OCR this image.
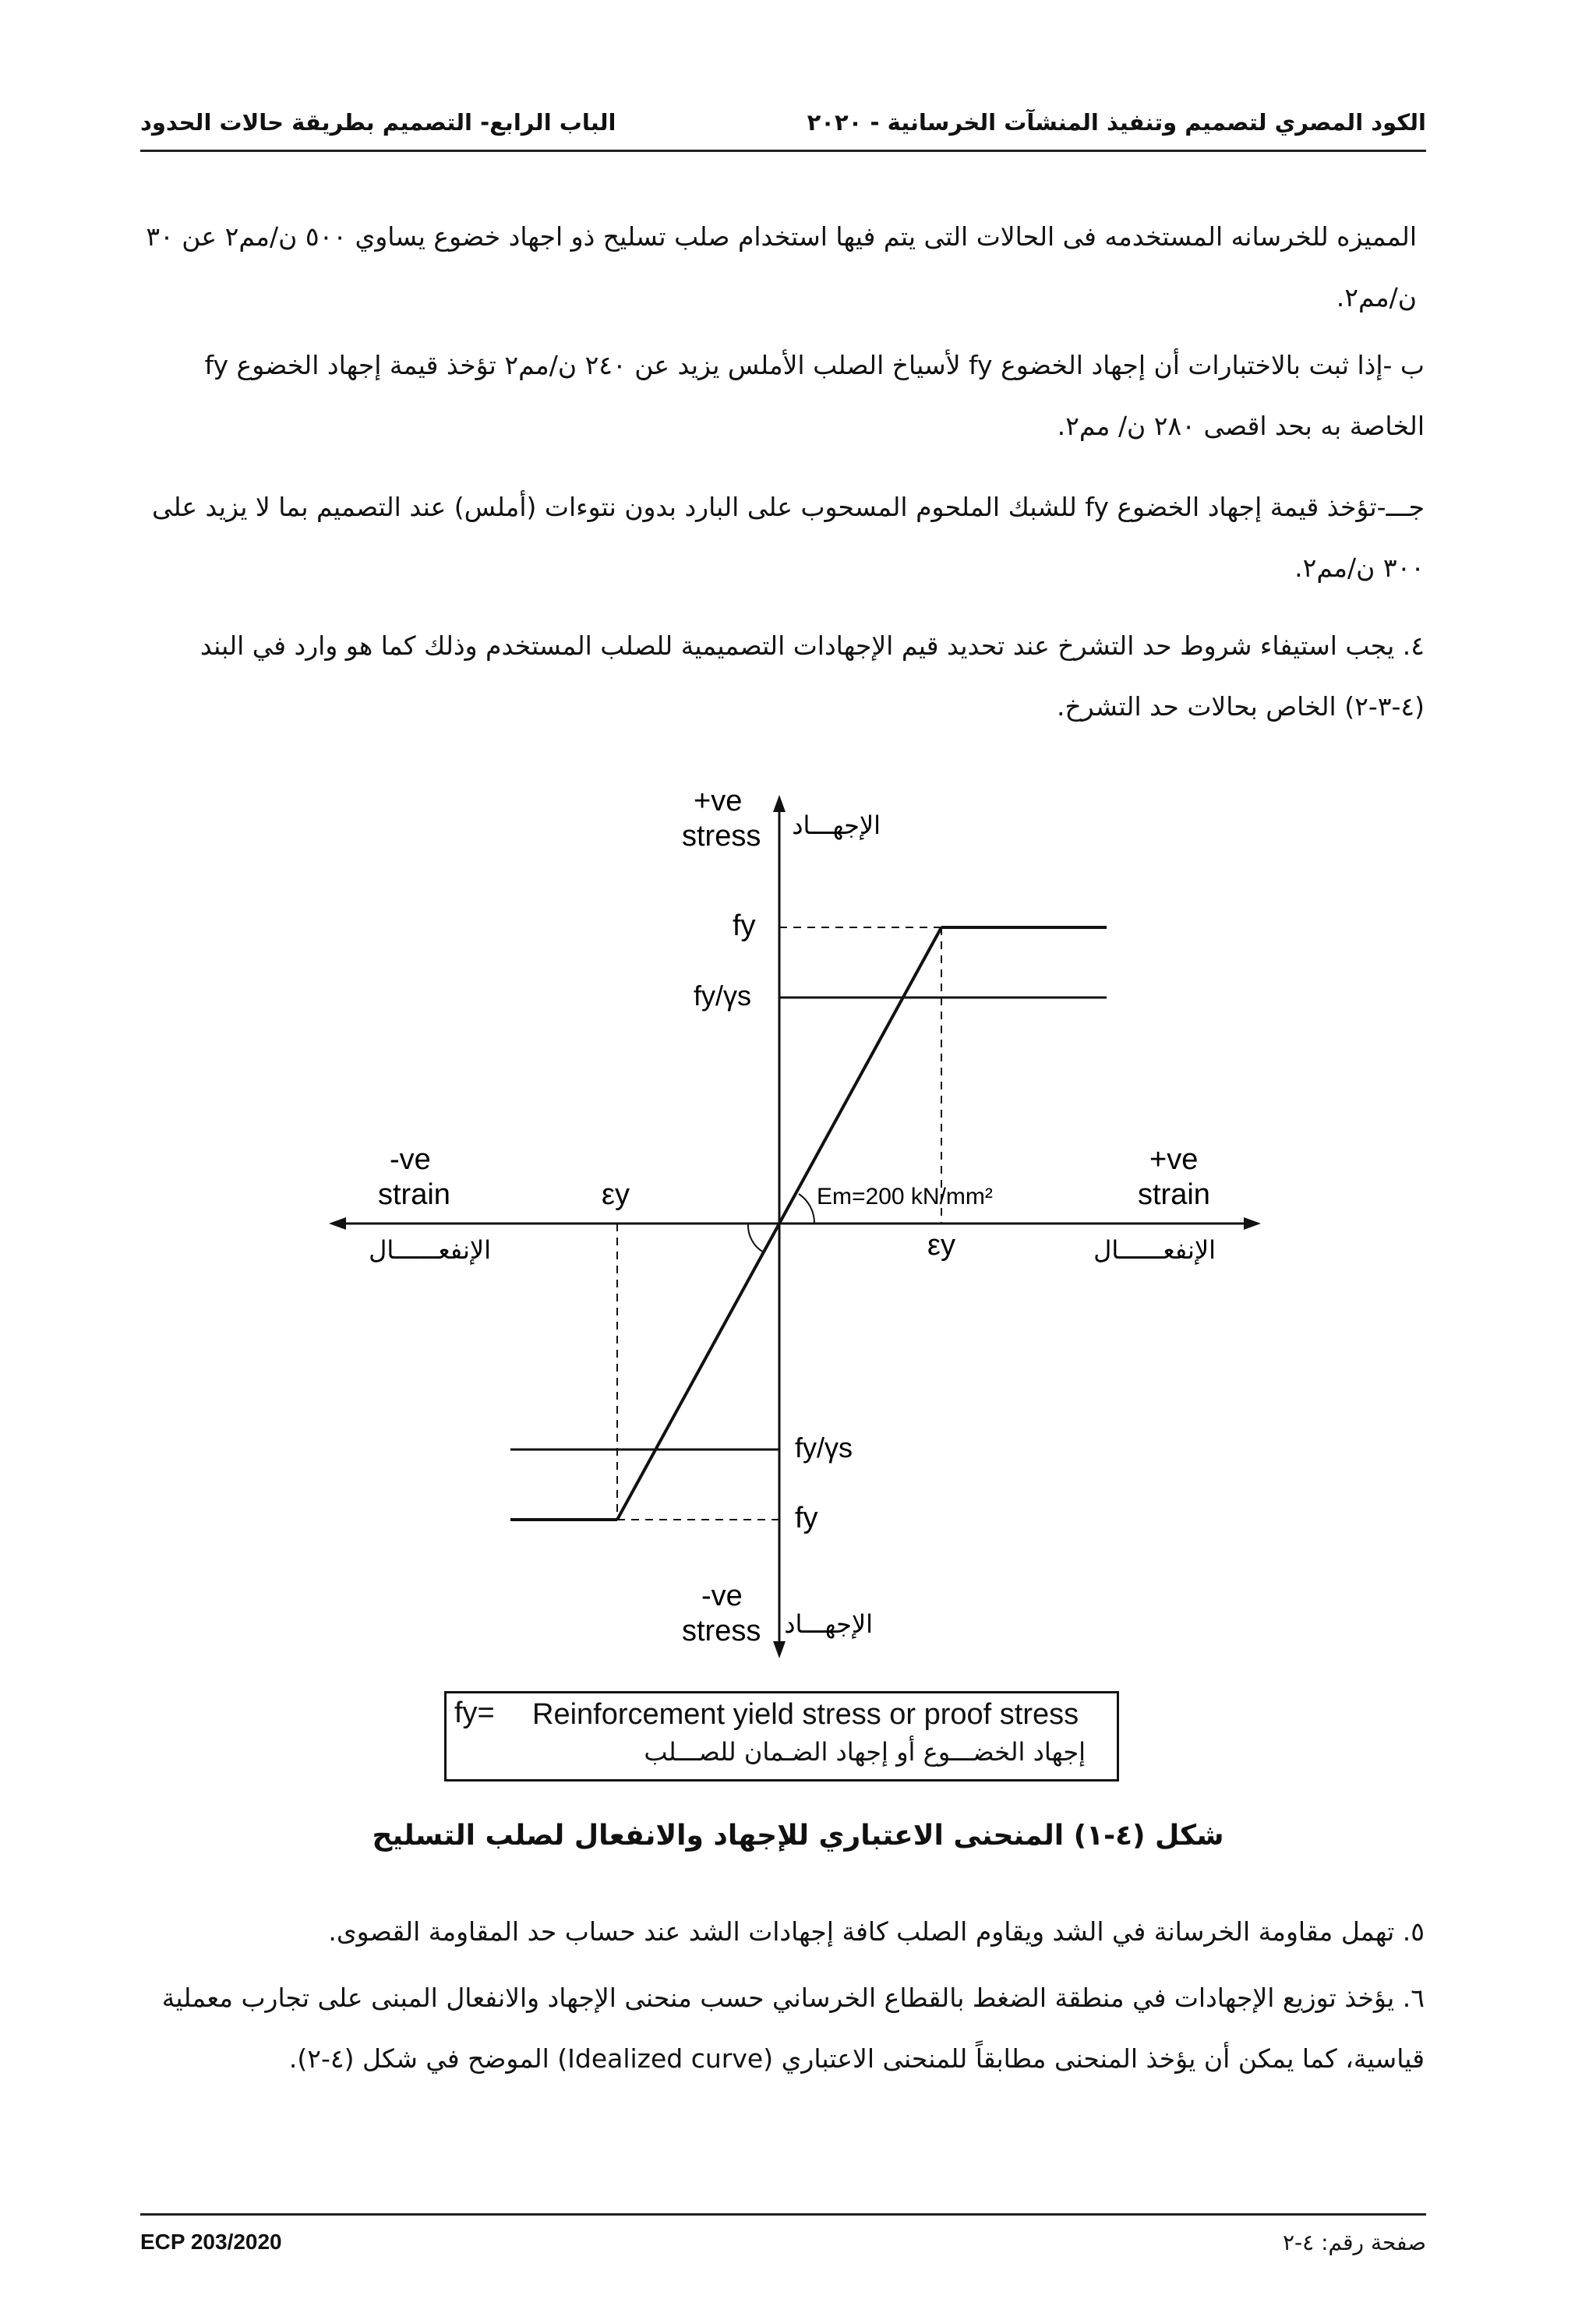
الكود المصري لتصميم وتنفيذ المنشآت الخرسانية - ٢٠٢٠
الباب الرابع- التصميم بطريقة حالات الحدود
المميزه للخرسانه المستخدمه فى الحالات التى يتم فيها استخدام صلب تسليح ذو اجهاد خضوع يساوي ٥٠٠ ن/مم٢ عن ٣٠ ن/مم٢.
ب -إذا ثبت بالاختبارات أن إجهاد الخضوع fy لأسياخ الصلب الأملس يزيد عن ٢٤٠ ن/مم٢ تؤخذ قيمة إجهاد الخضوع fy الخاصة به بحد اقصى ٢٨٠ ن/ مم٢.
جـــ-تؤخذ قيمة إجهاد الخضوع fy للشبك الملحوم المسحوب على البارد بدون نتوءات (أملس) عند التصميم بما لا يزيد على ٣٠٠ ن/مم٢.
٤. يجب استيفاء شروط حد التشرخ عند تحديد قيم الإجهادات التصميمية للصلب المستخدم وذلك كما هو وارد في البند (٤-٣-٢) الخاص بحالات حد التشرخ.
+ve
stress الإجهـــاد
-ve
stress الإجهـــاد
-ve
strain
الإنفعــــــال
+ve
strain
الإنفعــــــال
fy
fy/γs
fy/γs
fy
εy
εy
Em=200 kN/mm²
fy= Reinforcement yield stress or proof stress
إجهاد الخضـــوع أو إجهاد الضـمان للصـــلب
شكل (٤-١) المنحنى الاعتباري للإجهاد والانفعال لصلب التسليح
٥. تهمل مقاومة الخرسانة في الشد ويقاوم الصلب كافة إجهادات الشد عند حساب حد المقاومة القصوى.
٦. يؤخذ توزيع الإجهادات في منطقة الضغط بالقطاع الخرساني حسب منحنى الإجهاد والانفعال المبنى على تجارب معملية قياسية، كما يمكن أن يؤخذ المنحنى مطابقاً للمنحنى الاعتباري (Idealized curve) الموضح في شكل (٤-٢).
ECP 203/2020	صفحة رقم: ٤-٢
